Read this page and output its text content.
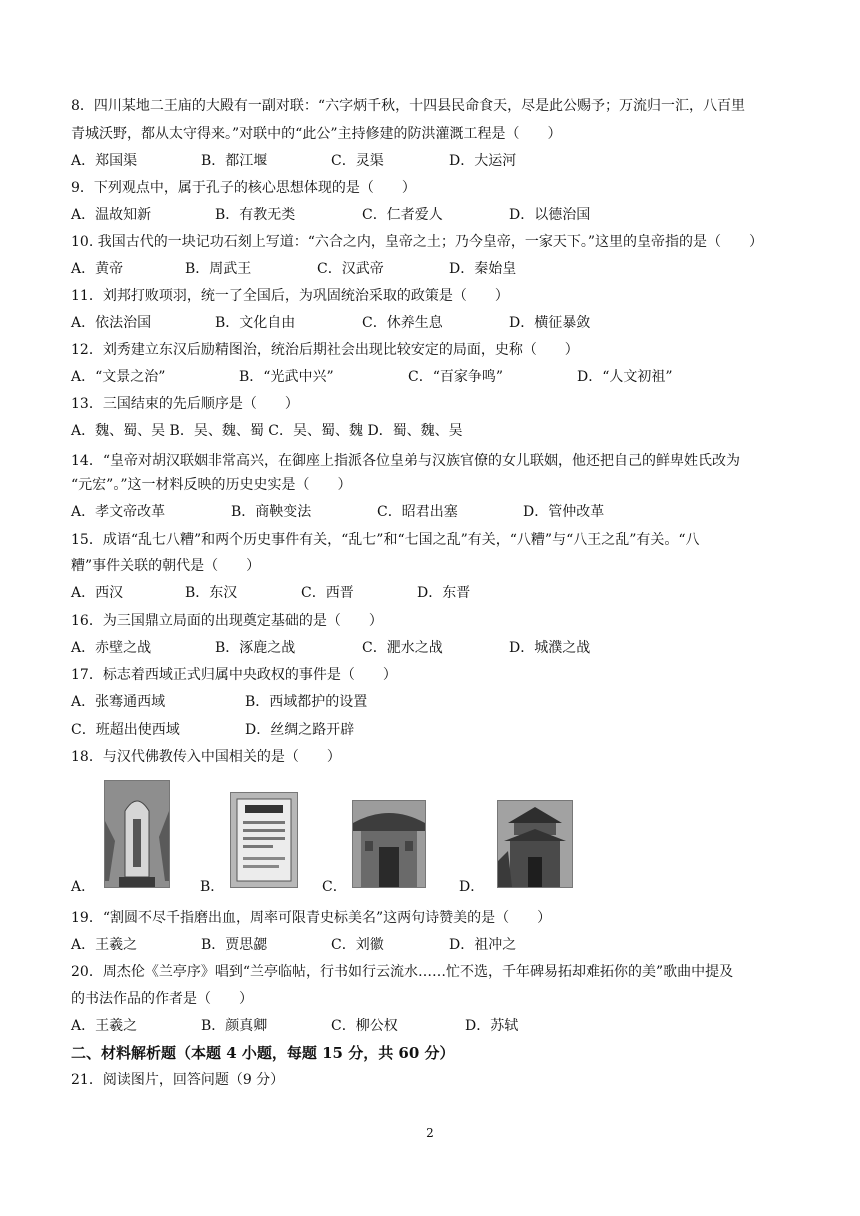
8．四川某地二王庙的大殿有一副对联：“六字炳千秋，十四县民命食天，尽是此公赐予；万流归一汇，八百里
青城沃野，都从太守得来。”对联中的“此公”主持修建的防洪灌溉工程是（　　）
A．郑国渠	B．都江堰	C．灵渠	D．大运河
9．下列观点中，属于孔子的核心思想体现的是（　　）
A．温故知新	B．有教无类	C．仁者爱人	D．以德治国
10. 我国古代的一块记功石刻上写道：“六合之内，皇帝之土；乃今皇帝，一家天下。”这里的皇帝指的是（　　）
A．黄帝	B．周武王	C．汉武帝	D．秦始皇
11．刘邦打败项羽，统一了全国后，为巩固统治采取的政策是（　　）
A．依法治国	B．文化自由	C．休养生息	D．横征暴敛
12．刘秀建立东汉后励精图治，统治后期社会出现比较安定的局面，史称（　　）
A．“文景之治”	B．“光武中兴”	C．“百家争鸣”	D．“人文初祖”
13．三国结束的先后顺序是（　　）
A．魏、蜀、吴 B．吴、魏、蜀 C．吴、蜀、魏 D．蜀、魏、吴
14．“皇帝对胡汉联姻非常高兴，在御座上指派各位皇弟与汉族官僚的女儿联姻，他还把自己的鲜卑姓氏改为
“元宏”。”这一材料反映的历史史实是（　　）
A．孝文帝改革	B．商鞅变法	C．昭君出塞	D．管仲改革
15．成语“乱七八糟”和两个历史事件有关，“乱七”和“七国之乱”有关，“八糟”与“八王之乱”有关。“八
糟”事件关联的朝代是（　　）
A．西汉	B．东汉	C．西晋	D．东晋
16．为三国鼎立局面的出现奠定基础的是（　　）
A．赤壁之战	B．涿鹿之战	C．淝水之战	D．城濮之战
17．标志着西域正式归属中央政权的事件是（　　）
A．张骞通西域	B．西域都护的设置
C．班超出使西域	D．丝绸之路开辟
18．与汉代佛教传入中国相关的是（　　）
A．	B．	C．	D．
19．“割圆不尽千指磨出血，周率可限青史标美名”这两句诗赞美的是（　　）
A．王羲之	B．贾思勰	C．刘徽	D．祖冲之
20．周杰伦《兰亭序》唱到“兰亭临帖，行书如行云流水……忙不选，千年碑易拓却难拓你的美”歌曲中提及
的书法作品的作者是（　　）
A．王羲之	B．颜真卿	C．柳公权	D．苏轼
二、材料解析题（本题 4 小题，每题 15 分，共 60 分）
21．阅读图片，回答问题（9 分）
2
